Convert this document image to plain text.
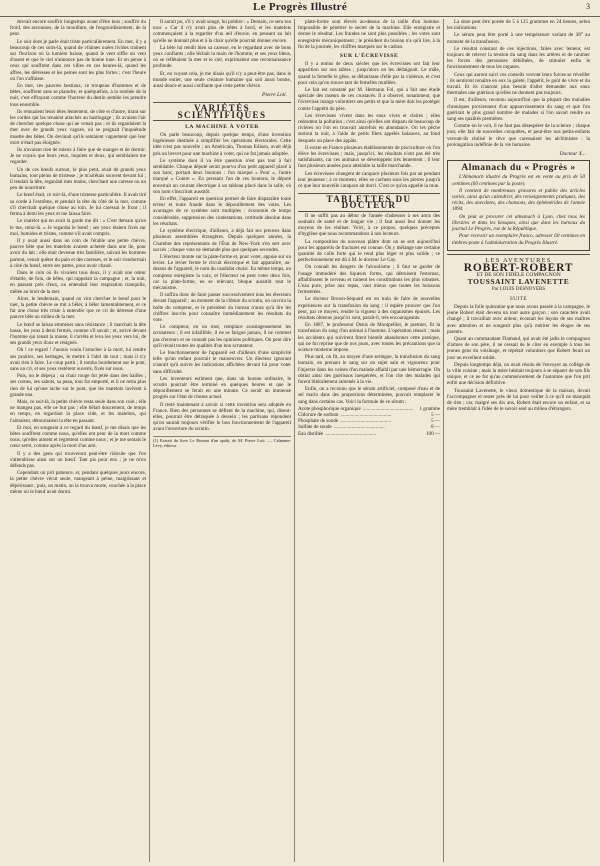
Le Progrès Illustré	3

devrait encore souffrir longtemps avant d'être bois ; souffrir du froid, des secousses, de la mouillure, de l'engourdissement, de la peur.

Le soir dont je parle était triste particulièrement. En mer, il y a beaucoup de ces soirs-là, quand de vilaines nuées livides traînent sur l'horizon où la lumière baisse, quand le vent siffle un vent d'ouest et que le ciel n'annonce pas de bonne lune. Et on pense à ceux qui souffrent dans ces villes en ces heures-là, quand les affres, les détresses et les peines sont les plus fortes ; c'est l'heure où l'on s'affaisse.

En mer, ces pauvres bestiaux, ce troupeau d'hommes et de bêtes, souffrent sans se plaindre, et quelquefois, à la tombée de la nuit, c'est effrayant comme l'horreur du destin semble les prendre tous ensemble.

Ils remuaient leurs têtes lentement, de côté et d'autre, tirant sur les cordes qui les tenaient attachés au bastingage ; ils avaient l'air de chercher quelque chose qui ne venait pas ; et ils regardaient la mer avec de grands yeux vagues, où se peignait l'inquiétude muette des bêtes. On devinait qu'ils sentaient vaguement que leur mort n'était pas éloignée.

Ils n'avaient rien de mieux à faire que de manger et de dormir. Je ne voyais que leurs yeux, inquiets et doux, qui semblaient me regarder.

Un de ces bœufs surtout, le plus petit, avait de grands yeux humains, tout pleins de tristesse ; je m'arrêtais souvent devant lui ; il tendait la tête, regardait mes mains, cherchant une caresse ou un peu de nourriture.

Le bœuf était, ce soir-là, d'une tristesse particulière. Il avait tiré sa corde à l'extrême, et pendait la tête du côté de la mer, comme s'il cherchait quelque chose au loin. Je lui caressai le front ; il ferma à demi les yeux et me laissa faire.

Le matelot qui en avait la garde me dit : « C'est demain qu'on le tue, celui-là. » Je regardai le bœuf ; ses yeux étaient fixés sur moi, humides et tristes, comme s'il avait compris.

Il y avait aussi dans un coin de l'étable une petite chèvre, pauvre bête que les matelots avaient achetée dans une île, pour avoir du lait ; elle était devenue très familière, suivait les hommes partout, venait quêter du pain et des caresses, et le soir s'endormait à côté du bœuf, entre ses pattes, pour avoir chaud.

Dans le coin où ils vivaient tous deux, il y avait une odeur d'étable, de foin, de bêtes, qui rappelait la campagne ; et, la nuit, en passant près d'eux, on entendait leur respiration tranquille, mêlée au bruit de la mer.

Alors, le lendemain, quand on vint chercher le bœuf pour le tuer, la petite chèvre se mit à bêler, à bêler lamentablement, et ce fut une chose très triste à entendre que ce cri de détresse d'une pauvre bête au milieu de la mer.

Le bœuf se laissa emmener sans résistance ; il marchait la tête basse, les yeux à demi fermés, comme s'il savait ; et, arrivé devant l'homme qui tenait la masse, il s'arrêta et leva les yeux vers lui, de ses grands yeux doux et résignés.

Oh ! ce regard ! J'aurais voulu l'arracher à la mort, lui rendre ses prairies, ses herbages, le mettre à l'abri de tout ; mais il n'y avait rien à faire. Le coup partit ; il tomba lourdement sur le pont, sans un cri, et ses yeux restèrent ouverts, fixés sur nous.

Puis, on le dépeça ; sa chair rouge fut jetée dans des bailles ; ses cornes, ses sabots, sa peau, tout fut emporté, et il ne resta plus rien de lui qu'une tache sur le pont, que les matelots lavèrent à grande eau.

Mais, ce soir-là, la petite chèvre resta seule dans son coin ; elle ne mangea pas, elle ne but pas ; elle bêlait doucement, de temps en temps, en regardant la place vide, et les matelots, qui l'aimaient, détournaient la tête en passant.

Et moi, en songeant à ce regard du bœuf, je me disais que les bêtes souffrent comme nous, qu'elles ont peur de la mort comme nous, qu'elles aiment et regrettent comme nous ; et je me sentais le cœur serré, comme après la mort d'un ami.

Il y a des gens qui trouveront peut-être ridicule que l'on s'attendrisse ainsi sur un bœuf. Tant pis pour eux ; je ne m'en défends pas.

Cependant on prit patience, et, pendant quelques jours encore, la petite chèvre vécut seule, mangeant à peine, maigrissant et dépérissant ; puis, un matin, on la trouva morte, couchée à la place même où le bœuf avait dormi.

Il aurait pu, s'il y avait songé, lui prédire : « Demain, ce sera ton tour. » Car il n'y avait plus de bêtes à bord, et les matelots commençaient à la regarder d'un œil d'envie, en pensant au lait qu'elle ne donnait plus et à la chair qu'elle pourrait donner encore.

La bête lui rendit bien sa caresse, en le regardant avec de bons yeux confiants ; elle léchait la main de l'homme, et ses yeux bleus, où se reflétaient la mer et le ciel, exprimaient une reconnaissance profonde.

Et, en voyant cela, je me disais qu'il n'y a peut-être pas, dans le monde entier, une seule créature humaine qui soit aussi bonne, aussi douce et aussi confiante que cette petite chèvre.

Pierre Loti.
VARIÉTÉS SCIENTIFIQUES
LA MACHINE À VOTER

On parle beaucoup, depuis quelque temps, d'une invention ingénieuse destinée à simplifier les opérations électorales. Cette idée n'est pas nouvelle ; un Américain, Thomas Edison, avait déjà pris un brevet pour une machine à voter, qui ne fut jamais adoptée.

Le système dont il va être question n'est pas tout à fait semblable. Chaque député serait pourvu d'un petit appareil placé à son banc, portant deux boutons : l'un marqué « Pour », l'autre marqué « Contre ». En pressant l'un de ces boutons, le député enverrait un courant électrique à un tableau placé dans la salle, où son nom s'inscrirait aussitôt.

En effet, l'appareil en question permet de faire disparaître toute erreur et toute fraude dans le dépouillement des votes. Les avantages de ce système sont multiples : économie de temps considérable, suppression des contestations, certitude absolue dans les résultats.

Le système électrique, d'ailleurs, a déjà fait ses preuves dans plusieurs assemblées étrangères. Depuis quelques années, la Chambre des représentants de l'État de New-York s'en sert avec succès ; chaque vote ne demande plus que quelques secondes.

L'électeur monte sur la plate-forme et, pour voter, appuie sur un levier. Le levier ferme le circuit électrique et fait apparaître, au-dessus de l'appareil, le nom du candidat choisi. En même temps, un compteur enregistre la voix, et l'électeur ne peut voter deux fois, car la plate-forme, en se relevant, bloque aussitôt tout le mécanisme.

Il suffira donc de faire passer successivement tous les électeurs devant l'appareil ; au moment de la clôture du scrutin, on ouvrira la boîte du compteur, et le président du bureau n'aura qu'à lire les chiffres inscrits pour connaître immédiatement les résultats du vote.

Le compteur, en un mot, remplace avantageusement les scrutateurs ; il est infaillible, il ne se fatigue jamais, il ne commet pas d'erreurs et ne connaît pas les opinions politiques. On peut dire qu'il réunit toutes les qualités d'un bon scrutateur.

Le fonctionnement de l'appareil est d'ailleurs d'une simplicité telle qu'un enfant pourrait le manœuvrer. Un électeur ignorant n'aurait qu'à suivre les indications affichées devant lui pour voter sans difficulté.

Les inventeurs estiment que, dans un bureau ordinaire, le scrutin pourrait être terminé en quelques heures et que le dépouillement se ferait en une minute. Ce serait un immense progrès sur l'état de choses actuel.

Il reste maintenant à savoir si cette invention sera adoptée en France. Bien des personnes se défient de la machine, qui, disent-elles, pourrait être détraquée à dessein ; les partisans répondent qu'on saurait toujours vérifier le bon fonctionnement de l'appareil avant l'ouverture du scrutin.

(1) Extrait du livre Le Roman d'un spahi, de M. Pierre Loti. — Calmann-Lévy, éditeur.

plate-forme sont élevés au-dessus de la taille d'un homme. Impossible de pénétrer le secret de la machine. Elle enregistre et donne le résultat. Les fraudes ne sont plus possibles ; les votes sont enregistrés mécaniquement ; le président du bureau n'a qu'à lire, à la fin de la journée, les chiffres marqués sur le cadran.

SUR L'ÉCREVISSE

Il y a moins de deux siècles que les écrevisses ont fait leur apparition sur nos tables ; jusqu'alors on les dédaignait. Le mâle, quand la femelle le gêne, se débarrasse d'elle par la violence, et c'est pour cela qu'on trouve tant de femelles mutilées.

Le fait est constaté par M. Hermann Fol, qui a fait une étude spéciale des mœurs de ces crustacés. Il a observé, notamment, que l'écrevisse mange volontiers ses petits et que la mère doit les protéger contre l'appétit du père.

Les écrevisses vivent dans les eaux vives et claires ; elles redoutent la pollution ; c'est ainsi qu'elles ont disparu de beaucoup de rivières où l'on en trouvait autrefois en abondance. On les pêche surtout la nuit, à l'aide de petits filets appelés balances, au fond desquels on place des appâts.

Il existe en France plusieurs établissements de pisciculture où l'on élève les écrevisses ; mais, jusqu'ici, les résultats n'ont pas été très satisfaisants, car ces animaux se développent très lentement ; il leur faut plusieurs années pour atteindre la taille marchande.

Les écrevisses changent de carapace plusieurs fois par an pendant leur jeunesse ; à ce moment, elles se cachent sous les pierres jusqu'à ce que leur nouvelle carapace ait durci. C'est ce qu'on appelle la mue.

TABLETTES DU DOCTEUR

Il ne suffit pas au début de l'année d'adresser à ses amis des souhaits de santé et de longue vie ; il faut aussi leur donner les moyens de les réaliser. Voici, à ce propos, quelques préceptes d'hygiène que nous recommandons à nos lecteurs.

La composition du nouveau plâtre dont on se sert aujourd'hui pour les appareils de fractures est connue. On y mélange une certaine quantité de colle forte qui le rend plus léger et plus solide ; ce perfectionnement est dû à M. le docteur Le Gay.

On connaît les dangers de l'alcoolisme ; il faut se garder de l'usage immodéré des liqueurs fortes, qui détruisent l'estomac, affaiblissent le cerveau et ruinent les constitutions les plus robustes. L'eau pure, prise aux repas, vaut mieux que toutes les boissons fermentées.

Le docteur Brown-Séquard est en train de faire de nouvelles expériences sur la transfusion du sang ; il espère prouver que l'on peut, par ce moyen, rendre la vigueur à des organismes épuisés. Les résultats obtenus jusqu'ici sont, paraît-il, très encourageants.

En 1887, le professeur Denis de Montpellier, le premier, fit la transfusion du sang d'un animal à l'homme. L'opération réussit ; mais les accidents qui suivirent firent bientôt abandonner cette pratique, qui ne fut reprise que de nos jours, avec toutes les précautions que la science moderne impose.

Plus tard, on fit, au moyen d'une seringue, la transfusion du sang humain, en prenant le sang sur un sujet sain et vigoureux pour l'injecter dans les veines d'un malade affaibli par une hémorragie. On obtint ainsi des guérisons inespérées, et l'on cite des malades qui furent littéralement ramenés à la vie.

Enfin, on a reconnu que le sérum artificiel, composé d'eau et de sel marin dans des proportions déterminées, pouvait remplacer le sang dans certains cas. Voici la formule de ce sérum :

Azote phosphorique organique ........................................	1 gramme
Chlorure de sodium ........................................	5 —
Phosphate de soude ........................................	5 —
Sulfate de soude ........................................	8 —
Eau distillée ........................................	100 —

La dose peut être portée de 5 à 125 grammes en 24 heures, selon les indications.

Le sérum peut être porté à une température variant de 38° au moment de la transfusion.

Le résultat constant de ces injections, faites avec lenteur, est toujours de relever la tension du sang dans les artères et de ranimer les forces des personnes débilitées, de stimuler enfin le fonctionnement de tous les organes.

Ceux qui auront suivi ces conseils verront leurs forces se réveiller ; ils sentiront renaître en eux la gaieté, l'appétit, le goût de vivre et du travail. Et ils n'auront plus besoin d'aller demander aux eaux thermales une guérison qu'elles ne donnent pas toujours.

Il est, d'ailleurs, reconnu aujourd'hui que la plupart des maladies chroniques proviennent d'un appauvrissement du sang et que l'on guérirait le plus grand nombre de malades si l'on savait rendre au sang ses qualités premières.

Comme on le voit, il ne faut pas désespérer de la science ; chaque jour, elle fait de nouvelles conquêtes, et peut-être nos petits-enfants verront-ils réalisé le rêve que caressaient les alchimistes : la prolongation indéfinie de la vie humaine.

Docteur X...
Almanach du « Progrès »

L'Almanach illustré du Progrès est en vente au prix de 50 centimes (60 centimes par la poste).

Il contient de nombreuses gravures et publie des articles variés, ainsi qu'un calendrier, des renseignements pratiques, des récits, des anecdotes, des chansons, des éphémérides de l'année 1894.

On peut se procurer cet almanach à Lyon, chez tous les libraires et dans les kiosques, ainsi que dans les bureaux du journal Le Progrès, rue de la République.

Pour recevoir un exemplaire franco, adresser 60 centimes en timbres-poste à l'administration du Progrès Illustré.

LES AVENTURES
ROBERT-ROBERT
ET DE SON FIDÈLE COMPAGNON
TOUSSAINT LAVENETTE
Par LOUIS DESNOYERS
SUITE

Depuis la folle quinzaine que nous avons passée à la campagne, le jeune Robert était devenu un tout autre garçon ; son caractère avait changé ; il travaillait avec ardeur, écoutait les leçons de ses maîtres avec attention et ne songeait plus qu'à mériter les éloges de ses parents.

Quant au commandant Flamand, qui avait été jadis le compagnon d'armes de son père, il ne cessait de le citer en exemple à tous les jeunes gens du voisinage, et répétait volontiers que Robert ferait un jour un excellent soldat.

Depuis longtemps déjà, on avait résolu de l'envoyer au collège de la ville voisine ; mais la mère hésitait toujours à se séparer de son fils unique, et ce ne fut qu'au commencement de l'automne que l'on prit enfin une décision définitive.

Toussaint Lavenette, le vieux domestique de la maison, devait l'accompagner et rester près de lui pour veiller à ce qu'il ne manquât de rien ; car, malgré ses dix ans, Robert était encore un enfant, et sa mère tremblait à l'idée de le savoir seul au milieu d'étrangers.
